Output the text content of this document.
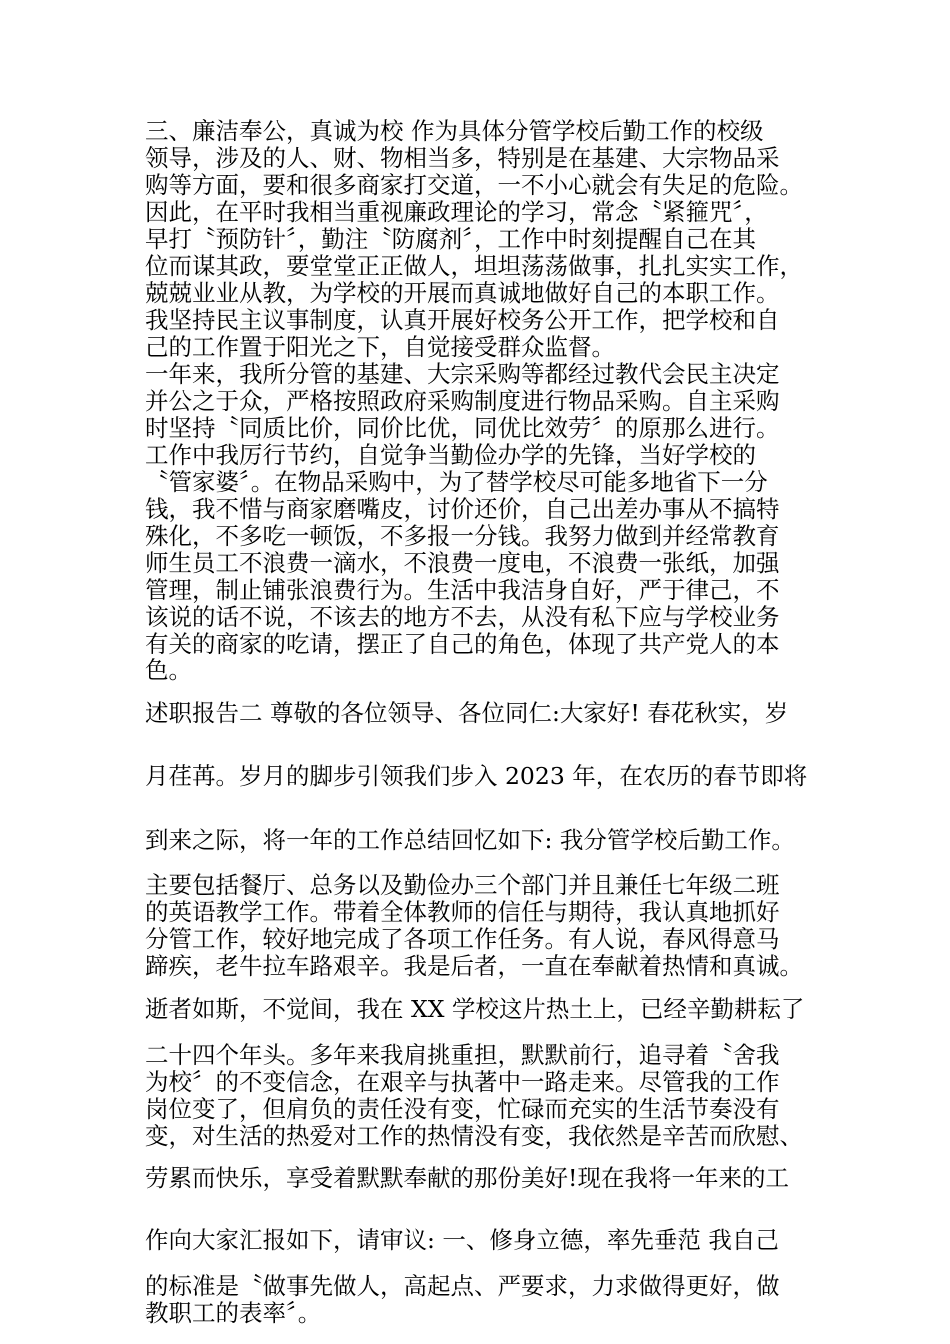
三、廉洁奉公，真诚为校 作为具体分管学校后勤工作的校级
领导，涉及的人、财、物相当多，特别是在基建、大宗物品采
购等方面，要和很多商家打交道，一不小心就会有失足的危险。
因此，在平时我相当重视廉政理论的学习，常念〝紧箍咒〞，
早打〝预防针〞，勤注〝防腐剂〞，工作中时刻提醒自己在其
位而谋其政，要堂堂正正做人，坦坦荡荡做事，扎扎实实工作，
兢兢业业从教，为学校的开展而真诚地做好自己的本职工作。
我坚持民主议事制度，认真开展好校务公开工作，把学校和自
己的工作置于阳光之下，自觉接受群众监督。
一年来，我所分管的基建、大宗采购等都经过教代会民主决定
并公之于众，严格按照政府采购制度进行物品采购。自主采购
时坚持〝同质比价，同价比优，同优比效劳〞的原那么进行。
工作中我厉行节约，自觉争当勤俭办学的先锋，当好学校的
〝管家婆〞。在物品采购中，为了替学校尽可能多地省下一分
钱，我不惜与商家磨嘴皮，讨价还价，自己出差办事从不搞特
殊化，不多吃一顿饭，不多报一分钱。我努力做到并经常教育
师生员工不浪费一滴水，不浪费一度电，不浪费一张纸，加强
管理，制止铺张浪费行为。生活中我洁身自好，严于律己，不
该说的话不说，不该去的地方不去，从没有私下应与学校业务
有关的商家的吃请，摆正了自己的角色，体现了共产党人的本
色。
述职报告二 尊敬的各位领导、各位同仁:大家好! 春花秋实，岁
月荏苒。岁月的脚步引领我们步入 2023 年，在农历的春节即将
到来之际，将一年的工作总结回忆如下: 我分管学校后勤工作。
主要包括餐厅、总务以及勤俭办三个部门并且兼任七年级二班
的英语教学工作。带着全体教师的信任与期待，我认真地抓好
分管工作，较好地完成了各项工作任务。有人说，春风得意马
蹄疾，老牛拉车路艰辛。我是后者，一直在奉献着热情和真诚。
逝者如斯，不觉间，我在 XX 学校这片热土上，已经辛勤耕耘了
二十四个年头。多年来我肩挑重担，默默前行，追寻着〝舍我
为校〞的不变信念，在艰辛与执著中一路走来。尽管我的工作
岗位变了，但肩负的责任没有变，忙碌而充实的生活节奏没有
变，对生活的热爱对工作的热情没有变，我依然是辛苦而欣慰、
劳累而快乐，享受着默默奉献的那份美好!现在我将一年来的工
作向大家汇报如下，请审议: 一、修身立德，率先垂范 我自己
的标准是〝做事先做人，高起点、严要求，力求做得更好，做
教职工的表率〞。
